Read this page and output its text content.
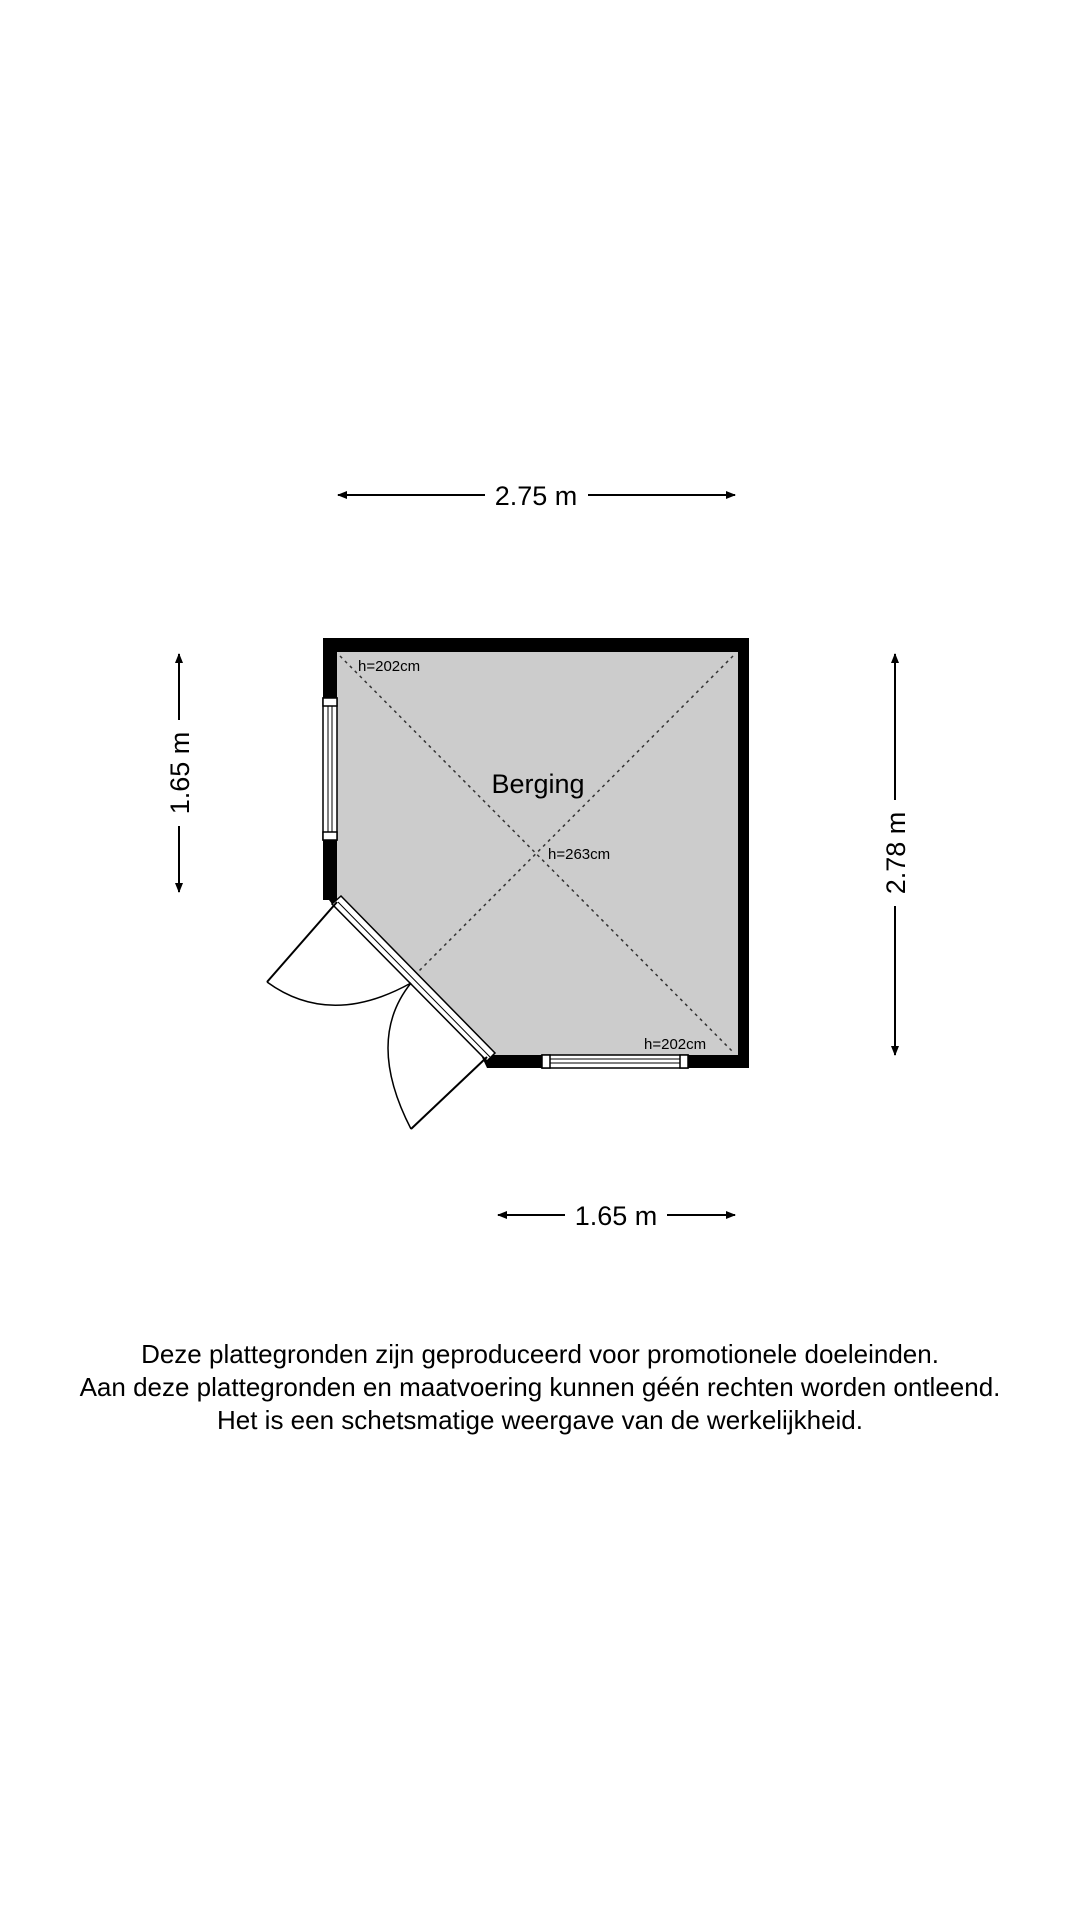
2.75 m
1.65 m
2.78 m
1.65 m
Berging
h=202cm
h=263cm
h=202cm
Deze plattegronden zijn geproduceerd voor promotionele doeleinden.
Aan deze plattegronden en maatvoering kunnen géén rechten worden ontleend.
Het is een schetsmatige weergave van de werkelijkheid.
